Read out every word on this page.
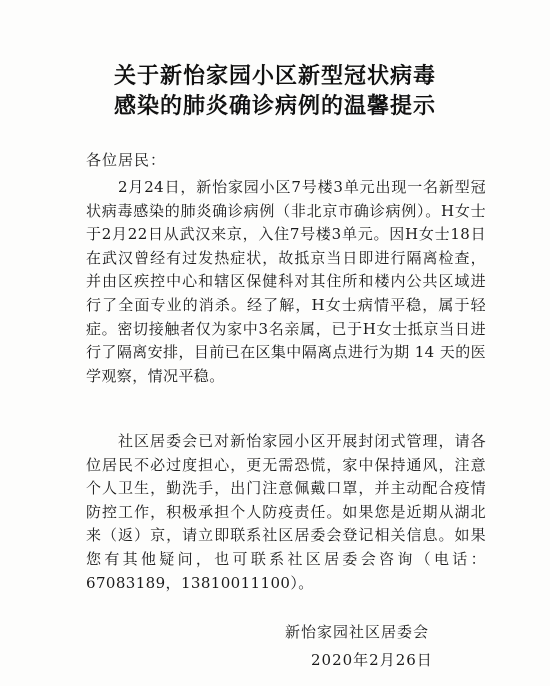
关于新怡家园小区新型冠状病毒
感染的肺炎确诊病例的温馨提示
各位居民：
2月24日，新怡家园小区7号楼3单元出现一名新型冠状病毒感染的肺炎确诊病例（非北京市确诊病例）。H女士于2月22日从武汉来京，入住7号楼3单元。因H女士18日在武汉曾经有过发热症状，故抵京当日即进行隔离检查，并由区疾控中心和辖区保健科对其住所和楼内公共区域进行了全面专业的消杀。经了解，H女士病情平稳，属于轻症。密切接触者仅为家中3名亲属，已于H女士抵京当日进行了隔离安排，目前已在区集中隔离点进行为期 14 天的医学观察，情况平稳。
社区居委会已对新怡家园小区开展封闭式管理，请各位居民不必过度担心，更无需恐慌，家中保持通风，注意个人卫生，勤洗手，出门注意佩戴口罩，并主动配合疫情防控工作，积极承担个人防疫责任。如果您是近期从湖北来（返）京，请立即联系社区居委会登记相关信息。如果您有其他疑问，也可联系社区居委会咨询（电话：67083189，13810011100）。
新怡家园社区居委会
2020年2月26日
